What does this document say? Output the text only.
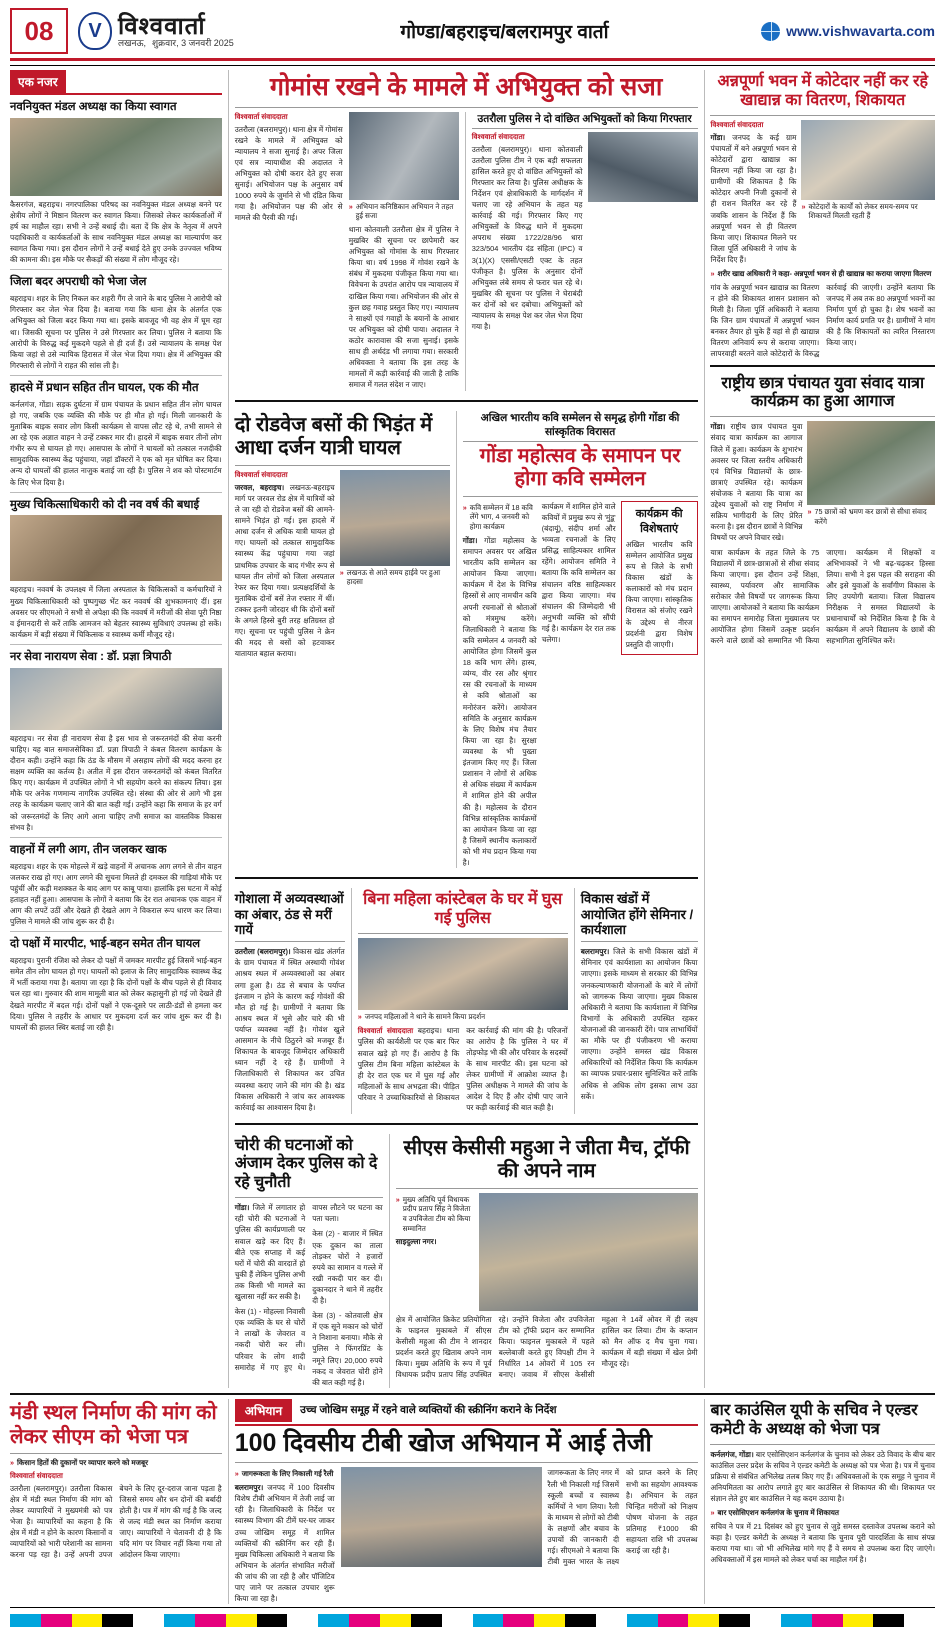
08	V विश्ववार्ता
लखनऊ, शुक्रवार, 3 जनवरी 2025	गोण्डा/बहराइच/बलरामपुर वार्ता	www.vishwavarta.com
एक नजर
नवनियुक्त मंडल अध्यक्ष का किया स्वागत
कैसरगंज, बहराइच। नगरपालिका परिषद का नवनियुक्त मंडल अध्यक्ष बनने पर क्षेत्रीय लोगों ने मिष्ठान वितरण कर स्वागत किया। जिसको लेकर कार्यकर्ताओं में हर्ष का माहौल रहा। सभी ने उन्हें बधाई दी। बता दें कि क्षेत्र के नेतृत्व में अपने पदाधिकारी व कार्यकर्ताओं के साथ नवनियुक्त मंडल अध्यक्ष का माल्यार्पण कर स्वागत किया गया। इस दौरान लोगों ने उन्हें बधाई देते हुए उनके उज्ज्वल भविष्य की कामना की। इस मौके पर सैकड़ों की संख्या में लोग मौजूद रहे।
जिला बदर अपराधी को भेजा जेल
बहराइच। शहर के लिए निकल कर शहरी गैंग ले जाने के बाद पुलिस ने आरोपी को गिरफ्तार कर जेल भेज दिया है। बताया गया कि थाना क्षेत्र के अंतर्गत एक अभियुक्त को जिला बदर किया गया था। इसके बावजूद भी वह क्षेत्र में घूम रहा था। जिसकी सूचना पर पुलिस ने उसे गिरफ्तार कर लिया। पुलिस ने बताया कि आरोपी के विरुद्ध कई मुकदमे पहले से ही दर्ज हैं। उसे न्यायालय के समक्ष पेश किया जहां से उसे न्यायिक हिरासत में जेल भेज दिया गया। क्षेत्र में अभियुक्त की गिरफ्तारी से लोगों ने राहत की सांस ली है।
हादसे में प्रधान सहित तीन घायल, एक की मौत
कर्नलगंज, गोंडा। सड़क दुर्घटना में ग्राम पंचायत के प्रधान सहित तीन लोग घायल हो गए, जबकि एक व्यक्ति की मौके पर ही मौत हो गई। मिली जानकारी के मुताबिक बाइक सवार लोग किसी कार्यक्रम से वापस लौट रहे थे, तभी सामने से आ रहे एक अज्ञात वाहन ने उन्हें टक्कर मार दी। हादसे में बाइक सवार तीनों लोग गंभीर रूप से घायल हो गए। आसपास के लोगों ने घायलों को तत्काल नजदीकी सामुदायिक स्वास्थ्य केंद्र पहुंचाया, जहां डॉक्टरों ने एक को मृत घोषित कर दिया। अन्य दो घायलों की हालत नाजुक बताई जा रही है। पुलिस ने शव को पोस्टमार्टम के लिए भेज दिया है।
मुख्य चिकित्साधिकारी को दी नव वर्ष की बधाई
बहराइच। नववर्ष के उपलक्ष्य में जिला अस्पताल के चिकित्सकों व कर्मचारियों ने मुख्य चिकित्साधिकारी को पुष्पगुच्छ भेंट कर नववर्ष की शुभकामनाएं दीं। इस अवसर पर सीएमओ ने सभी से अपेक्षा की कि नववर्ष में मरीजों की सेवा पूरी निष्ठा व ईमानदारी से करें ताकि आमजन को बेहतर स्वास्थ्य सुविधाएं उपलब्ध हो सकें। कार्यक्रम में बड़ी संख्या में चिकित्सक व स्वास्थ्य कर्मी मौजूद रहे।
नर सेवा नारायण सेवा : डॉ. प्रज्ञा त्रिपाठी
बहराइच। नर सेवा ही नारायण सेवा है इस भाव से जरूरतमंदों की सेवा करनी चाहिए। यह बात समाजसेविका डॉ. प्रज्ञा त्रिपाठी ने कंबल वितरण कार्यक्रम के दौरान कही। उन्होंने कहा कि ठंड के मौसम में असहाय लोगों की मदद करना हर सक्षम व्यक्ति का कर्तव्य है। अतीत में इस दौरान जरूरतमंदों को कंबल वितरित किए गए। कार्यक्रम में उपस्थित लोगों ने भी सहयोग करने का संकल्प लिया। इस मौके पर अनेक गणमान्य नागरिक उपस्थित रहे। संस्था की ओर से आगे भी इस तरह के कार्यक्रम चलाए जाने की बात कही गई। उन्होंने कहा कि समाज के हर वर्ग को जरूरतमंदों के लिए आगे आना चाहिए तभी समाज का वास्तविक विकास संभव है।
वाहनों में लगी आग, तीन जलकर खाक
बहराइच। शहर के एक मोहल्ले में खड़े वाहनों में अचानक आग लगने से तीन वाहन जलकर राख हो गए। आग लगने की सूचना मिलते ही दमकल की गाड़ियां मौके पर पहुंचीं और कड़ी मशक्कत के बाद आग पर काबू पाया। हालांकि इस घटना में कोई हताहत नहीं हुआ। आसपास के लोगों ने बताया कि देर रात अचानक एक वाहन में आग की लपटें उठीं और देखते ही देखते आग ने विकराल रूप धारण कर लिया। पुलिस ने मामले की जांच शुरू कर दी है।
दो पक्षों में मारपीट, भाई-बहन समेत तीन घायल
बहराइच। पुरानी रंजिश को लेकर दो पक्षों में जमकर मारपीट हुई जिसमें भाई-बहन समेत तीन लोग घायल हो गए। घायलों को इलाज के लिए सामुदायिक स्वास्थ्य केंद्र में भर्ती कराया गया है। बताया जा रहा है कि दोनों पक्षों के बीच पहले से ही विवाद चल रहा था। गुरुवार की शाम मामूली बात को लेकर कहासुनी हो गई जो देखते ही देखते मारपीट में बदल गई। दोनों पक्षों ने एक-दूसरे पर लाठी-डंडों से हमला कर दिया। पुलिस ने तहरीर के आधार पर मुकदमा दर्ज कर जांच शुरू कर दी है। घायलों की हालत स्थिर बताई जा रही है।
गोमांस रखने के मामले में अभियुक्त को सजा
विश्ववार्ता संवाददाता
उतरौला (बलरामपुर)। थाना क्षेत्र में गोमांस रखने के मामले में अभियुक्त को न्यायालय ने सजा सुनाई है। अपर जिला एवं सत्र न्यायाधीश की अदालत ने अभियुक्त को दोषी करार देते हुए सजा सुनाई। अभियोजन पक्ष के अनुसार वर्ष 1000 रुपये के जुर्माने से भी दंडित किया गया है। अभियोजन पक्ष की ओर से मामले की पैरवी की गई।
» अभियान कनिष्ठिकान अभियान ने तहत हुई सजा
थाना कोतवाली उतरौला क्षेत्र में पुलिस ने मुखबिर की सूचना पर छापेमारी कर अभियुक्त को गोमांस के साथ गिरफ्तार किया था। वर्ष 1998 में गोवंश रखने के संबंध में मुकदमा पंजीकृत किया गया था। विवेचना के उपरांत आरोप पत्र न्यायालय में दाखिल किया गया। अभियोजन की ओर से कुल छह गवाह प्रस्तुत किए गए। न्यायालय ने साक्ष्यों एवं गवाहों के बयानों के आधार पर अभियुक्त को दोषी पाया। अदालत ने कठोर कारावास की सजा सुनाई। इसके साथ ही अर्थदंड भी लगाया गया। सरकारी अधिवक्ता ने बताया कि इस तरह के मामलों में कड़ी कार्रवाई की जाती है ताकि समाज में गलत संदेश न जाए।
उतरौला पुलिस ने दो वांछित अभियुक्तों को किया गिरफ्तार
विश्ववार्ता संवाददाता
उतरौला (बलरामपुर)। थाना कोतवाली उतरौला पुलिस टीम ने एक बड़ी सफलता हासिल करते हुए दो वांछित अभियुक्तों को गिरफ्तार कर लिया है। पुलिस अधीक्षक के निर्देशन एवं क्षेत्राधिकारी के मार्गदर्शन में चलाए जा रहे अभियान के तहत यह कार्रवाई की गई। गिरफ्तार किए गए अभियुक्तों के विरुद्ध थाने में मुकदमा अपराध संख्या 1722/28/96 धारा 323/504 भारतीय दंड संहिता (IPC) व 3(1)(X) एससी/एसटी एक्ट के तहत पंजीकृत है। पुलिस के अनुसार दोनों अभियुक्त लंबे समय से फरार चल रहे थे। मुखबिर की सूचना पर पुलिस ने घेराबंदी कर दोनों को धर दबोचा। अभियुक्तों को न्यायालय के समक्ष पेश कर जेल भेज दिया गया है।
दो रोडवेज बसों की भिड़ंत में आधा दर्जन यात्री घायल
विश्ववार्ता संवाददाता
जरवल, बहराइच। लखनऊ-बहराइच मार्ग पर जरवल रोड क्षेत्र में यात्रियों को ले जा रही दो रोडवेज बसों की आमने-सामने भिड़ंत हो गई। इस हादसे में आधा दर्जन से अधिक यात्री घायल हो गए। घायलों को तत्काल सामुदायिक स्वास्थ्य केंद्र पहुंचाया गया जहां प्राथमिक उपचार के बाद गंभीर रूप से घायल तीन लोगों को जिला अस्पताल रेफर कर दिया गया। प्रत्यक्षदर्शियों के मुताबिक दोनों बसें तेज रफ्तार में थीं। टक्कर इतनी जोरदार थी कि दोनों बसों के अगले हिस्से बुरी तरह क्षतिग्रस्त हो गए। सूचना पर पहुंची पुलिस ने क्रेन की मदद से बसों को हटवाकर यातायात बहाल कराया।
» लखनऊ से आते समय हाईवे पर हुआ हादसा
अखिल भारतीय कवि सम्मेलन से समृद्ध होगी गोंडा की सांस्कृतिक विरासत
गोंडा महोत्सव के समापन पर होगा कवि सम्मेलन
» कवि सम्मेलन में 18 कवि लेंगे भाग, 4 जनवरी को होगा कार्यक्रम
गोंडा। गोंडा महोत्सव के समापन अवसर पर अखिल भारतीय कवि सम्मेलन का आयोजन किया जाएगा। कार्यक्रम में देश के विभिन्न हिस्सों से आए नामचीन कवि अपनी रचनाओं से श्रोताओं को मंत्रमुग्ध करेंगे। जिलाधिकारी ने बताया कि कवि सम्मेलन 4 जनवरी को आयोजित होगा जिसमें कुल 18 कवि भाग लेंगे। हास्य, व्यंग्य, वीर रस और श्रृंगार रस की रचनाओं के माध्यम से कवि श्रोताओं का मनोरंजन करेंगे। आयोजन समिति के अनुसार कार्यक्रम के लिए विशेष मंच तैयार किया जा रहा है। सुरक्षा व्यवस्था के भी पुख्ता इंतजाम किए गए हैं। जिला प्रशासन ने लोगों से अधिक से अधिक संख्या में कार्यक्रम में शामिल होने की अपील की है। महोत्सव के दौरान विभिन्न सांस्कृतिक कार्यक्रमों का आयोजन किया जा रहा है जिसमें स्थानीय कलाकारों को भी मंच प्रदान किया गया है।
कार्यक्रम में शामिल होने वाले कवियों में प्रमुख रूप से 'मुंडू' (बंदायूं), संदीप शर्मा और भव्यता रचनाओं के लिए प्रसिद्ध साहित्यकार शामिल रहेंगे। आयोजन समिति ने बताया कि कवि सम्मेलन का संचालन वरिष्ठ साहित्यकार द्वारा किया जाएगा। मंच संचालन की जिम्मेदारी भी अनुभवी व्यक्ति को सौंपी गई है। कार्यक्रम देर रात तक चलेगा।
कार्यक्रम की विशेषताएं
अखिल भारतीय कवि सम्मेलन आयोजित प्रमुख रूप से जिले के सभी विकास खंडों के कलाकारों को मंच प्रदान किया जाएगा। सांस्कृतिक विरासत को संजोए रखने के उद्देश्य से नीरज प्रदर्शनी द्वारा विशेष प्रस्तुति दी जाएगी।
गोशाला में अव्यवस्थाओं का अंबार, ठंड से मरीं गायें
उतरौला (बलरामपुर)। विकास खंड अंतर्गत के ग्राम पंचायत में स्थित अस्थायी गोवंश आश्रय स्थल में अव्यवस्थाओं का अंबार लगा हुआ है। ठंड से बचाव के पर्याप्त इंतजाम न होने के कारण कई गोवंशों की मौत हो गई है। ग्रामीणों ने बताया कि आश्रय स्थल में भूसे और चारे की भी पर्याप्त व्यवस्था नहीं है। गोवंश खुले आसमान के नीचे ठिठुरने को मजबूर हैं। शिकायत के बावजूद जिम्मेदार अधिकारी ध्यान नहीं दे रहे हैं। ग्रामीणों ने जिलाधिकारी से शिकायत कर उचित व्यवस्था कराए जाने की मांग की है। खंड विकास अधिकारी ने जांच कर आवश्यक कार्रवाई का आश्वासन दिया है।
बिना महिला कांस्टेबल के घर में घुस गई पुलिस
» जनपद महिलाओं ने थाने के सामने किया प्रदर्शन
विश्ववार्ता संवाददाता बहराइच। थाना पुलिस की कार्यशैली पर एक बार फिर सवाल खड़े हो गए हैं। आरोप है कि पुलिस टीम बिना महिला कांस्टेबल के ही देर रात एक घर में घुस गई और महिलाओं के साथ अभद्रता की। पीड़ित परिवार ने उच्चाधिकारियों से शिकायत कर कार्रवाई की मांग की है। परिजनों का आरोप है कि पुलिस ने घर में तोड़फोड़ भी की और परिवार के सदस्यों के साथ मारपीट की। इस घटना को लेकर ग्रामीणों में आक्रोश व्याप्त है। पुलिस अधीक्षक ने मामले की जांच के आदेश दे दिए हैं और दोषी पाए जाने पर कड़ी कार्रवाई की बात कही है।
विकास खंडों में आयोजित होंगे सेमिनार / कार्यशाला
बलरामपुर। जिले के सभी विकास खंडों में सेमिनार एवं कार्यशाला का आयोजन किया जाएगा। इसके माध्यम से सरकार की विभिन्न जनकल्याणकारी योजनाओं के बारे में लोगों को जागरूक किया जाएगा। मुख्य विकास अधिकारी ने बताया कि कार्यशाला में विभिन्न विभागों के अधिकारी उपस्थित रहकर योजनाओं की जानकारी देंगे। पात्र लाभार्थियों का मौके पर ही पंजीकरण भी कराया जाएगा। उन्होंने समस्त खंड विकास अधिकारियों को निर्देशित किया कि कार्यक्रम का व्यापक प्रचार-प्रसार सुनिश्चित करें ताकि अधिक से अधिक लोग इसका लाभ उठा सकें।
चोरी की घटनाओं को अंजाम देकर पुलिस को दे रहे चुनौती
गोंडा। जिले में लगातार हो रही चोरी की घटनाओं ने पुलिस की कार्यप्रणाली पर सवाल खड़े कर दिए हैं। बीते एक सप्ताह में कई घरों में चोरी की वारदातें हो चुकी हैं लेकिन पुलिस अभी तक किसी भी मामले का खुलासा नहीं कर सकी है।
केस (1) - मोहल्ला निवासी एक व्यक्ति के घर से चोरों ने लाखों के जेवरात व नकदी चोरी कर ली। परिवार के लोग शादी समारोह में गए हुए थे। वापस लौटने पर घटना का पता चला।
केस (2) - बाजार में स्थित एक दुकान का ताला तोड़कर चोरों ने हजारों रुपये का सामान व गल्ले में रखी नकदी पार कर दी। दुकानदार ने थाने में तहरीर दी है।
केस (3) - कोतवाली क्षेत्र में एक सूने मकान को चोरों ने निशाना बनाया। मौके से पुलिस ने फिंगरप्रिंट के नमूने लिए। 20,000 रुपये नकद व जेवरात चोरी होने की बात कही गई है।
सीएस केसीसी महुआ ने जीता मैच, ट्रॉफी की अपने नाम
» मुख्य अतिथि पूर्व विधायक प्रदीप प्रताप सिंह ने विजेता व उपविजेता टीम को किया सम्मानित
साइदुल्ला नगर।
क्षेत्र में आयोजित क्रिकेट प्रतियोगिता के फाइनल मुकाबले में सीएस केसीसी महुआ की टीम ने शानदार प्रदर्शन करते हुए खिताब अपने नाम किया। मुख्य अतिथि के रूप में पूर्व विधायक प्रदीप प्रताप सिंह उपस्थित रहे। उन्होंने विजेता और उपविजेता टीम को ट्रॉफी प्रदान कर सम्मानित किया। फाइनल मुकाबले में पहले बल्लेबाजी करते हुए विपक्षी टीम ने निर्धारित 14 ओवरों में 105 रन बनाए। जवाब में सीएस केसीसी महुआ ने 14वें ओवर में ही लक्ष्य हासिल कर लिया। टीम के कप्तान को मैन ऑफ द मैच चुना गया। कार्यक्रम में बड़ी संख्या में खेल प्रेमी मौजूद रहे।
अन्नपूर्णा भवन में कोटेदार नहीं कर रहे खाद्यान्न का वितरण, शिकायत
विश्ववार्ता संवाददाता
गोंडा। जनपद के कई ग्राम पंचायतों में बने अन्नपूर्णा भवन से कोटेदारों द्वारा खाद्यान्न का वितरण नहीं किया जा रहा है। ग्रामीणों की शिकायत है कि कोटेदार अपनी निजी दुकानों से ही राशन वितरित कर रहे हैं जबकि शासन के निर्देश हैं कि अन्नपूर्णा भवन से ही वितरण किया जाए। शिकायत मिलने पर जिला पूर्ति अधिकारी ने जांच के निर्देश दिए हैं।
» कोटेदारों के कार्यों को लेकर समय-समय पर शिकायतें मिलती रहती हैं
» शरीर खाद्य अधिकारी ने कहा- अन्नपूर्णा भवन से ही खाद्यान्न का कराया जाएगा वितरण
गांव के अन्नपूर्णा भवन खाद्यान्न का वितरण न होने की शिकायत शासन प्रशासन को मिली है। जिला पूर्ति अधिकारी ने बताया कि जिन ग्राम पंचायतों में अन्नपूर्णा भवन बनकर तैयार हो चुके हैं वहां से ही खाद्यान्न वितरण अनिवार्य रूप से कराया जाएगा। लापरवाही बरतने वाले कोटेदारों के विरुद्ध कार्रवाई की जाएगी। उन्होंने बताया कि जनपद में अब तक 80 अन्नपूर्णा भवनों का निर्माण पूर्ण हो चुका है। शेष भवनों का निर्माण कार्य प्रगति पर है। ग्रामीणों ने मांग की है कि शिकायतों का त्वरित निस्तारण किया जाए।
राष्ट्रीय छात्र पंचायत युवा संवाद यात्रा कार्यक्रम का हुआ आगाज
गोंडा। राष्ट्रीय छात्र पंचायत युवा संवाद यात्रा कार्यक्रम का आगाज जिले में हुआ। कार्यक्रम के शुभारंभ अवसर पर जिला स्तरीय अधिकारी एवं विभिन्न विद्यालयों के छात्र-छात्राएं उपस्थित रहे। कार्यक्रम संयोजक ने बताया कि यात्रा का उद्देश्य युवाओं को राष्ट्र निर्माण में सक्रिय भागीदारी के लिए प्रेरित करना है। इस दौरान छात्रों ने विभिन्न विषयों पर अपने विचार रखे।
» 75 छात्रों को भ्रमण कर छात्रों से सीधा संवाद करेंगे
यात्रा कार्यक्रम के तहत जिले के 75 विद्यालयों में छात्र-छात्राओं से सीधा संवाद किया जाएगा। इस दौरान उन्हें शिक्षा, स्वास्थ्य, पर्यावरण और सामाजिक सरोकार जैसे विषयों पर जागरूक किया जाएगा। आयोजकों ने बताया कि कार्यक्रम का समापन समारोह जिला मुख्यालय पर आयोजित होगा जिसमें उत्कृष्ट प्रदर्शन करने वाले छात्रों को सम्मानित भी किया जाएगा। कार्यक्रम में शिक्षकों व अभिभावकों ने भी बढ़-चढ़कर हिस्सा लिया। सभी ने इस पहल की सराहना की और इसे युवाओं के सर्वांगीण विकास के लिए उपयोगी बताया। जिला विद्यालय निरीक्षक ने समस्त विद्यालयों के प्रधानाचार्यों को निर्देशित किया है कि वे कार्यक्रम में अपने विद्यालय के छात्रों की सहभागिता सुनिश्चित करें।
मंडी स्थल निर्माण की मांग को लेकर सीएम को भेजा पत्र
» किसान हितों की दुकानों पर व्यापार करने को मजबूर
विश्ववार्ता संवाददाता
उतरौला (बलरामपुर)। उतरौला विकास क्षेत्र में मंडी स्थल निर्माण की मांग को लेकर व्यापारियों ने मुख्यमंत्री को पत्र भेजा है। व्यापारियों का कहना है कि क्षेत्र में मंडी न होने के कारण किसानों व व्यापारियों को भारी परेशानी का सामना करना पड़ रहा है। उन्हें अपनी उपज बेचने के लिए दूर-दराज जाना पड़ता है जिससे समय और धन दोनों की बर्बादी होती है। पत्र में मांग की गई है कि जल्द से जल्द मंडी स्थल का निर्माण कराया जाए। व्यापारियों ने चेतावनी दी है कि यदि मांग पर विचार नहीं किया गया तो आंदोलन किया जाएगा।
अभियान	उच्च जोखिम समूह में रहने वाले व्यक्तियों की स्क्रीनिंग कराने के निर्देश
100 दिवसीय टीबी खोज अभियान में आई तेजी
» जागरूकता के लिए निकाली गई रैली
बलरामपुर। जनपद में 100 दिवसीय विशेष टीबी अभियान में तेजी लाई जा रही है। जिलाधिकारी के निर्देश पर स्वास्थ्य विभाग की टीमें घर-घर जाकर उच्च जोखिम समूह में शामिल व्यक्तियों की स्क्रीनिंग कर रही हैं। मुख्य चिकित्सा अधिकारी ने बताया कि अभियान के अंतर्गत संभावित मरीजों की जांच की जा रही है और पॉजिटिव पाए जाने पर तत्काल उपचार शुरू किया जा रहा है।
जागरूकता के लिए नगर में रैली भी निकाली गई जिसमें स्कूली बच्चों व स्वास्थ्य कर्मियों ने भाग लिया। रैली के माध्यम से लोगों को टीबी के लक्षणों और बचाव के उपायों की जानकारी दी गई। सीएमओ ने बताया कि टीबी मुक्त भारत के लक्ष्य को प्राप्त करने के लिए सभी का सहयोग आवश्यक है। अभियान के तहत चिन्हित मरीजों को निःक्षय पोषण योजना के तहत प्रतिमाह ₹1000 की सहायता राशि भी उपलब्ध कराई जा रही है।
बार काउंसिल यूपी के सचिव ने एल्डर कमेटी के अध्यक्ष को भेजा पत्र
कर्नलगंज, गोंडा। बार एसोसिएशन कर्नलगंज के चुनाव को लेकर उठे विवाद के बीच बार काउंसिल उत्तर प्रदेश के सचिव ने एल्डर कमेटी के अध्यक्ष को पत्र भेजा है। पत्र में चुनाव प्रक्रिया से संबंधित अभिलेख तलब किए गए हैं। अधिवक्ताओं के एक समूह ने चुनाव में अनियमितता का आरोप लगाते हुए बार काउंसिल से शिकायत की थी। शिकायत पर संज्ञान लेते हुए बार काउंसिल ने यह कदम उठाया है।
» बार एसोसिएशन कर्नलगंज के चुनाव में शिकायत
सचिव ने पत्र में 21 दिसंबर को हुए चुनाव से जुड़े समस्त दस्तावेज उपलब्ध कराने को कहा है। एल्डर कमेटी के अध्यक्ष ने बताया कि चुनाव पूरी पारदर्शिता के साथ संपन्न कराया गया था। जो भी अभिलेख मांगे गए हैं वे समय से उपलब्ध करा दिए जाएंगे। अधिवक्ताओं में इस मामले को लेकर चर्चा का माहौल गर्म है।
